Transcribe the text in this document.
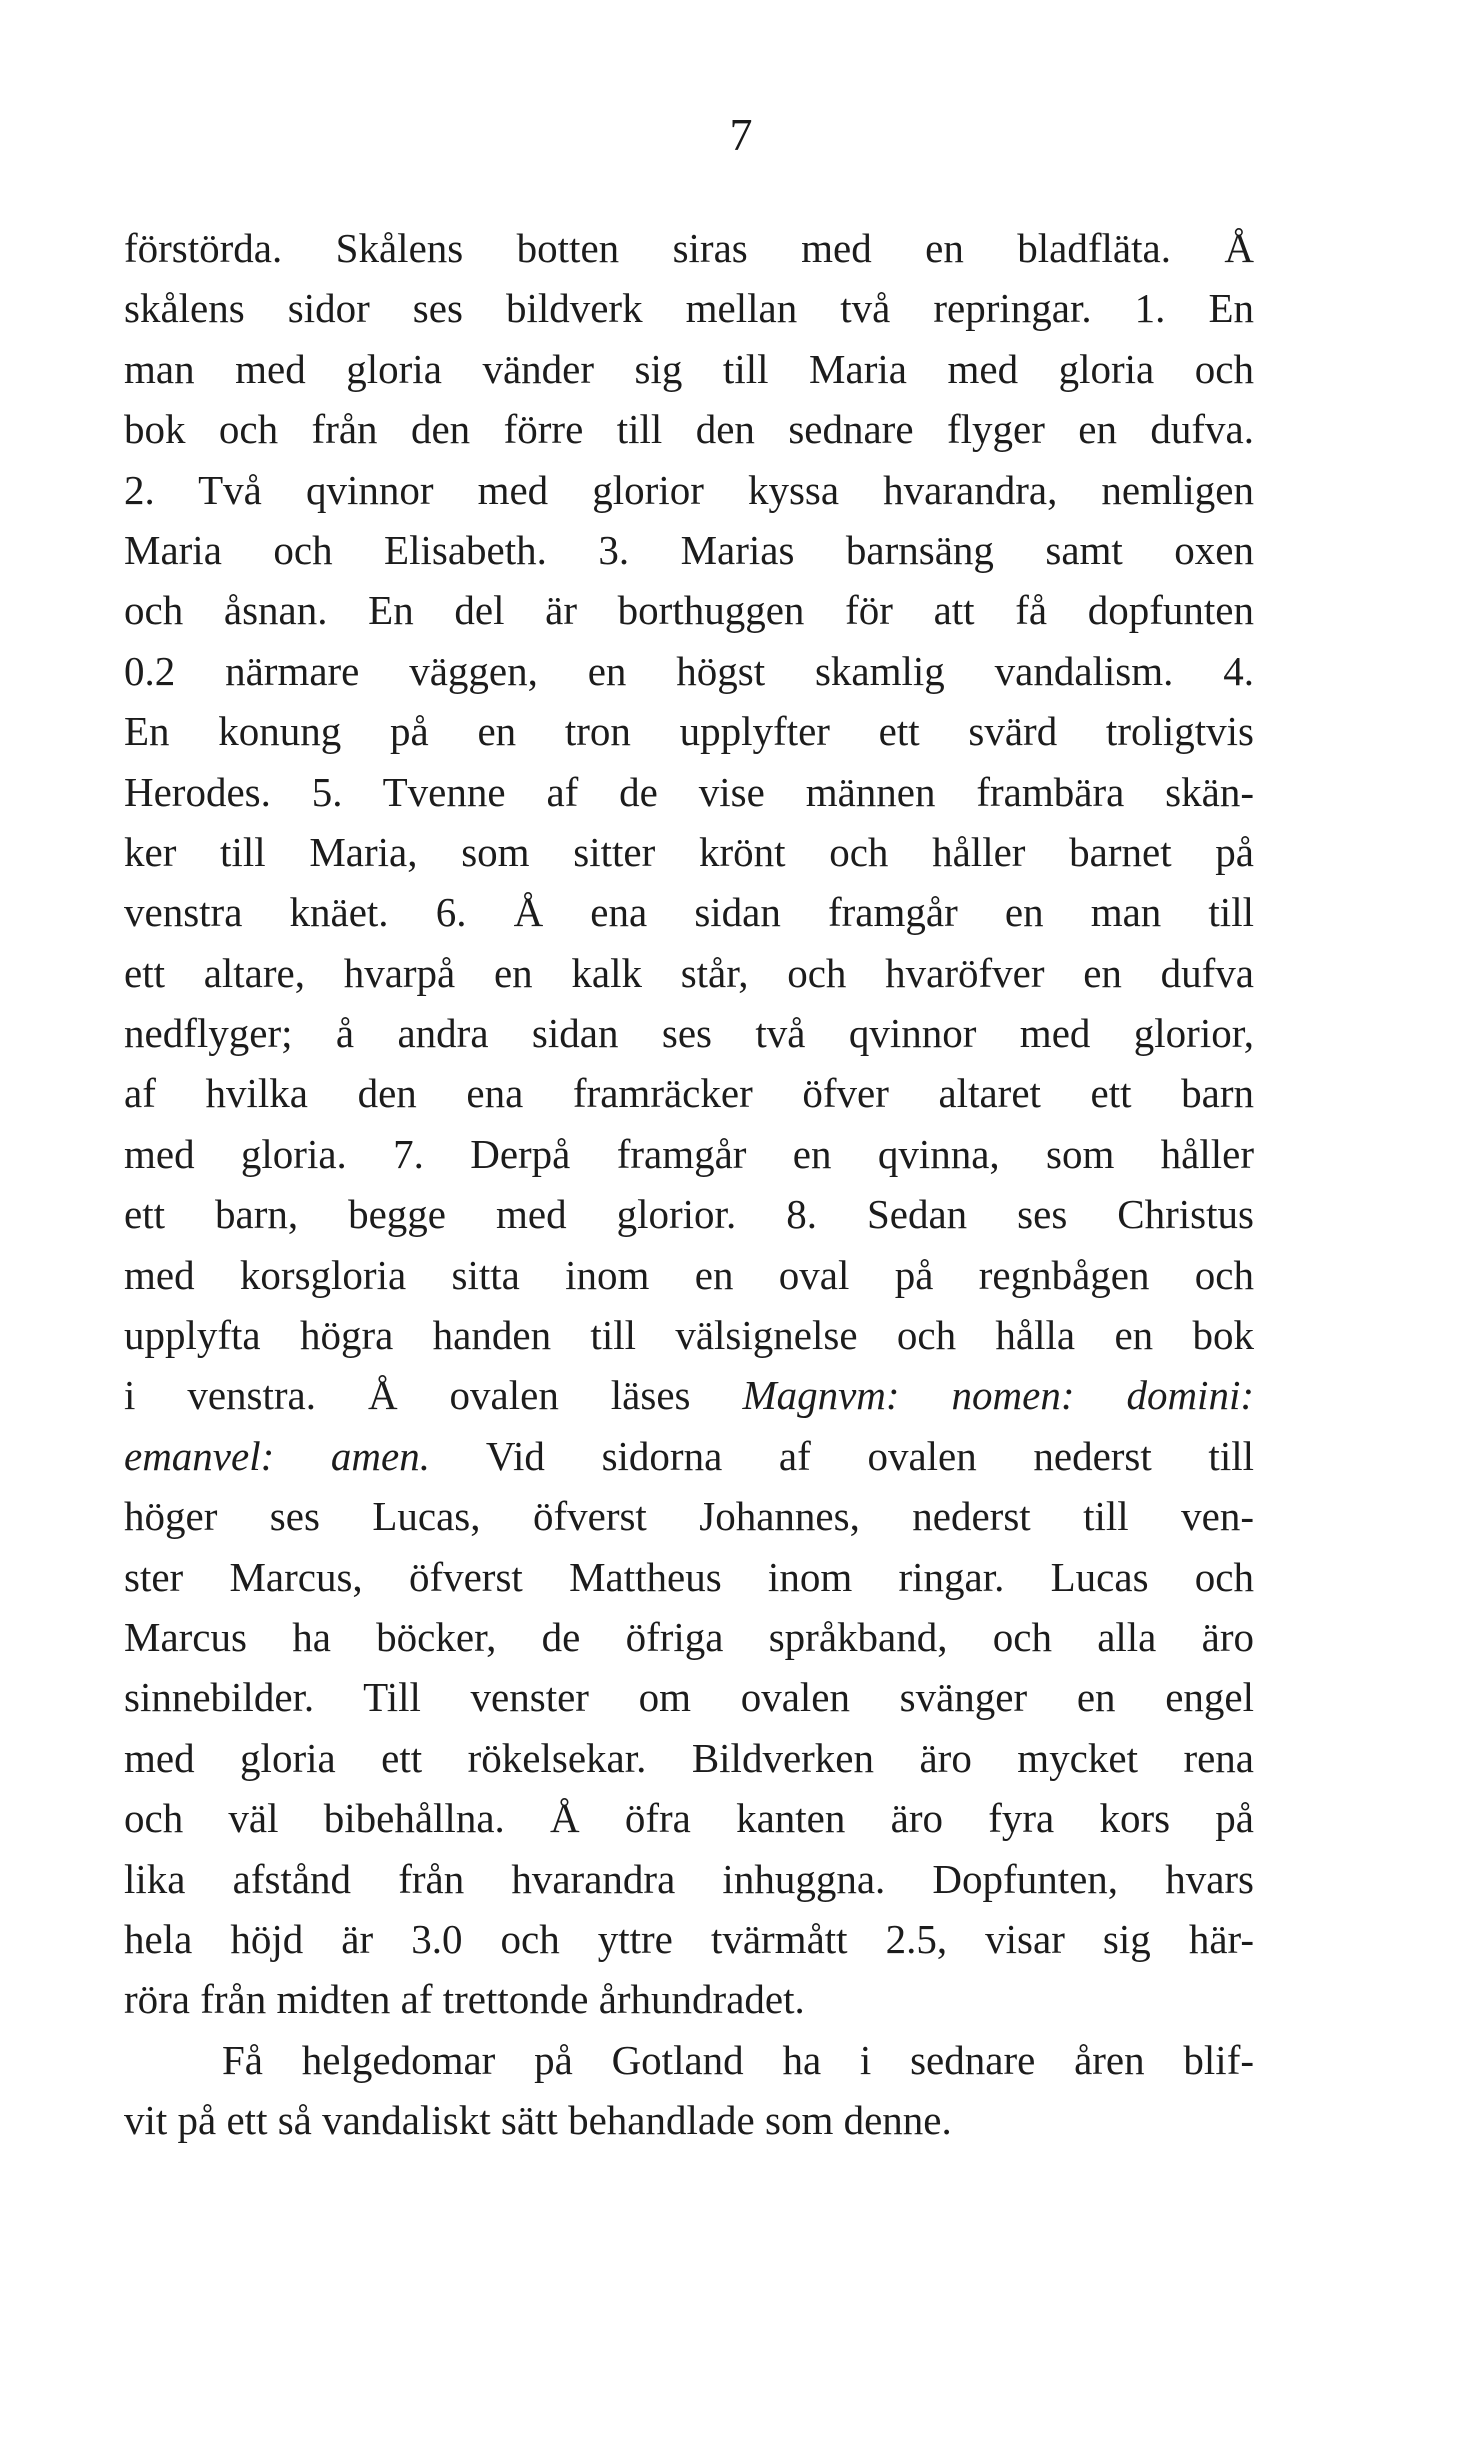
7
förstörda. Skålens botten siras med en bladfläta. Å
skålens sidor ses bildverk mellan två repringar. 1. En
man med gloria vänder sig till Maria med gloria och
bok och från den förre till den sednare flyger en dufva.
2. Två qvinnor med glorior kyssa hvarandra, nemligen
Maria och Elisabeth. 3. Marias barnsäng samt oxen
och åsnan. En del är borthuggen för att få dopfunten
0.2 närmare väggen, en högst skamlig vandalism. 4.
En konung på en tron upplyfter ett svärd troligtvis
Herodes. 5. Tvenne af de vise männen frambära skän-
ker till Maria, som sitter krönt och håller barnet på
venstra knäet. 6. Å ena sidan framgår en man till
ett altare, hvarpå en kalk står, och hvaröfver en dufva
nedflyger; å andra sidan ses två qvinnor med glorior,
af hvilka den ena framräcker öfver altaret ett barn
med gloria. 7. Derpå framgår en qvinna, som håller
ett barn, begge med glorior. 8. Sedan ses Christus
med korsgloria sitta inom en oval på regnbågen och
upplyfta högra handen till välsignelse och hålla en bok
i venstra. Å ovalen läses Magnvm: nomen: domini:
emanvel: amen. Vid sidorna af ovalen nederst till
höger ses Lucas, öfverst Johannes, nederst till ven-
ster Marcus, öfverst Mattheus inom ringar. Lucas och
Marcus ha böcker, de öfriga språkband, och alla äro
sinnebilder. Till venster om ovalen svänger en engel
med gloria ett rökelsekar. Bildverken äro mycket rena
och väl bibehållna. Å öfra kanten äro fyra kors på
lika afstånd från hvarandra inhuggna. Dopfunten, hvars
hela höjd är 3.0 och yttre tvärmått 2.5, visar sig här-
röra från midten af trettonde århundradet.
Få helgedomar på Gotland ha i sednare åren blif-
vit på ett så vandaliskt sätt behandlade som denne.
